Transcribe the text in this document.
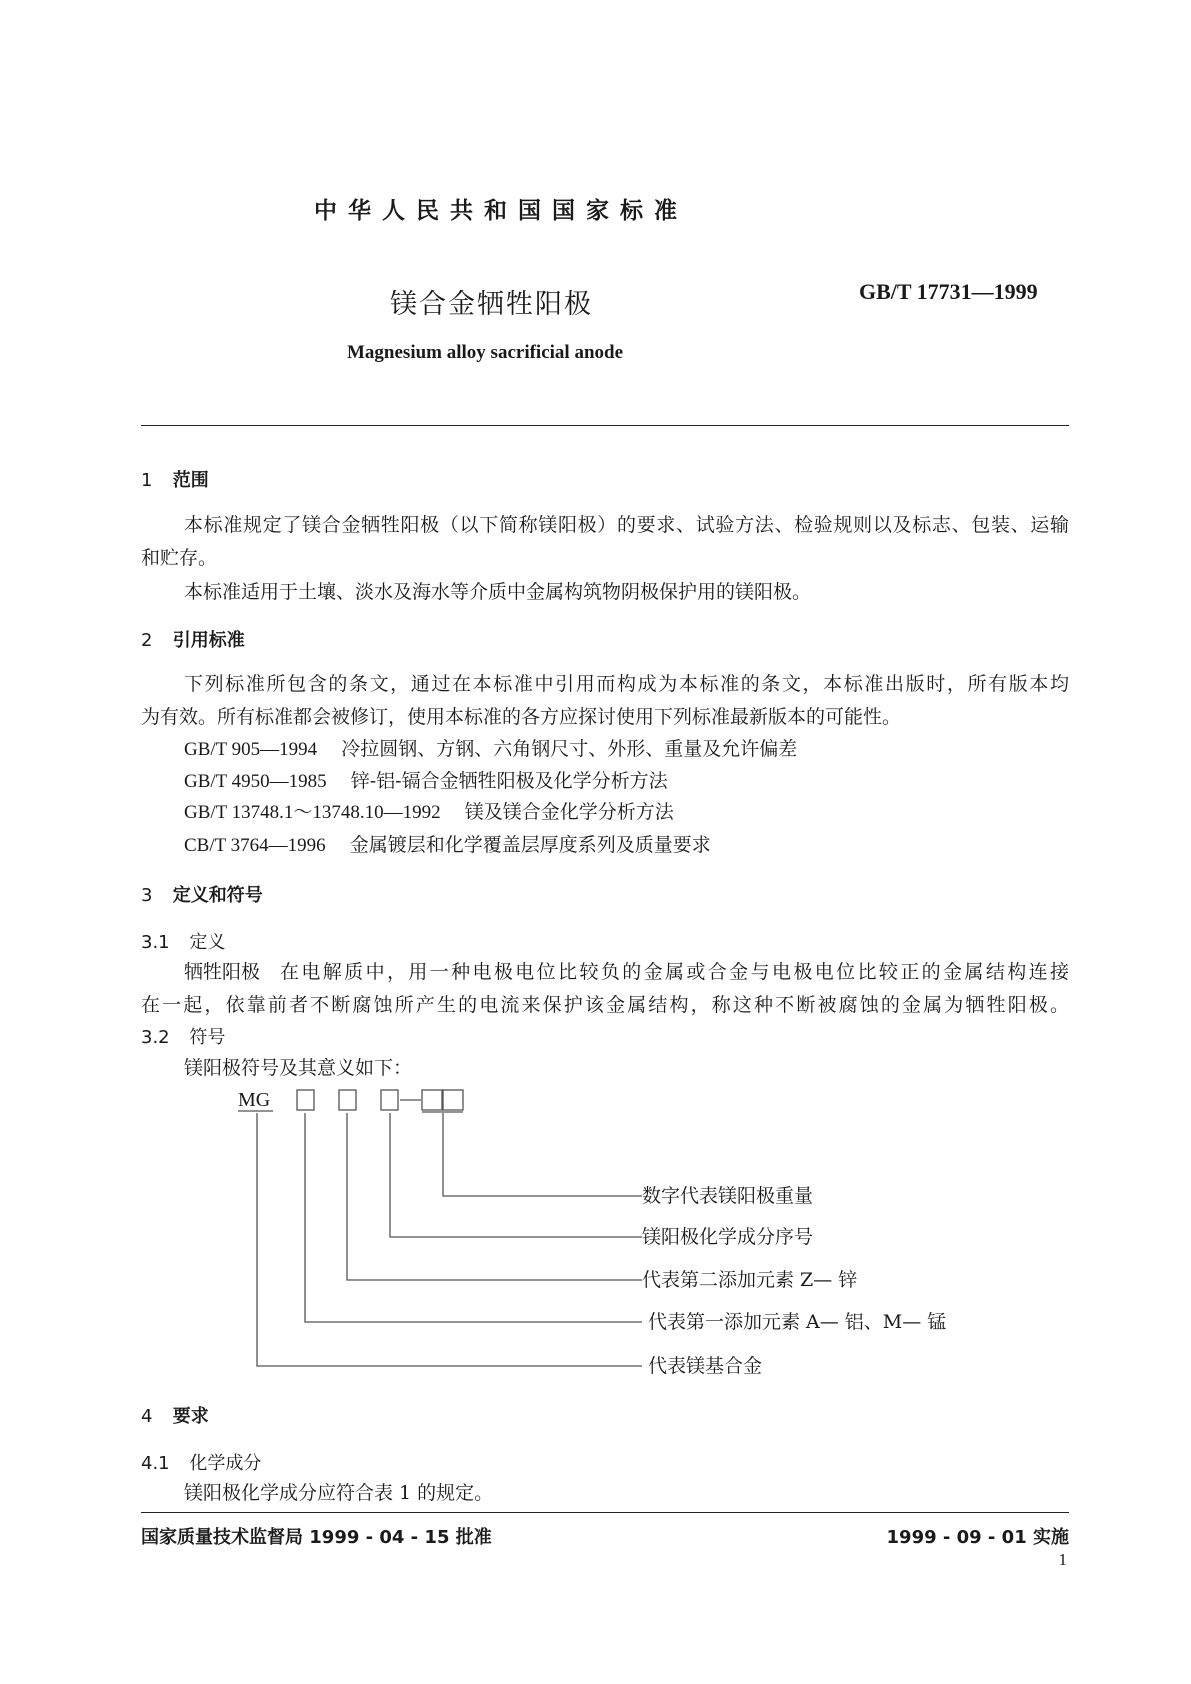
中华人民共和国国家标准
镁合金牺牲阳极	GB/T 17731—1999
Magnesium alloy sacrificial anode
1 范围
本标准规定了镁合金牺牲阳极（以下简称镁阳极）的要求、试验方法、检验规则以及标志、包装、运输
和贮存。
本标准适用于土壤、淡水及海水等介质中金属构筑物阴极保护用的镁阳极。
2 引用标准
下列标准所包含的条文，通过在本标准中引用而构成为本标准的条文，本标准出版时，所有版本均
为有效。所有标准都会被修订，使用本标准的各方应探讨使用下列标准最新版本的可能性。
GB/T 905—1994 冷拉圆钢、方钢、六角钢尺寸、外形、重量及允许偏差
GB/T 4950—1985 锌-铝-镉合金牺牲阳极及化学分析方法
GB/T 13748.1～13748.10—1992 镁及镁合金化学分析方法
CB/T 3764—1996 金属镀层和化学覆盖层厚度系列及质量要求
3 定义和符号
3.1 定义
牺牲阳极 在电解质中，用一种电极电位比较负的金属或合金与电极电位比较正的金属结构连接
在一起，依靠前者不断腐蚀所产生的电流来保护该金属结构，称这种不断被腐蚀的金属为牺牲阳极。
3.2 符号
镁阳极符号及其意义如下：
MG
数字代表镁阳极重量
镁阳极化学成分序号
代表第二添加元素 Z— 锌
代表第一添加元素 A— 铝、M— 锰
代表镁基合金
4 要求
4.1 化学成分
镁阳极化学成分应符合表 1 的规定。
国家质量技术监督局 1999 - 04 - 15 批准	1999 - 09 - 01 实施
1
